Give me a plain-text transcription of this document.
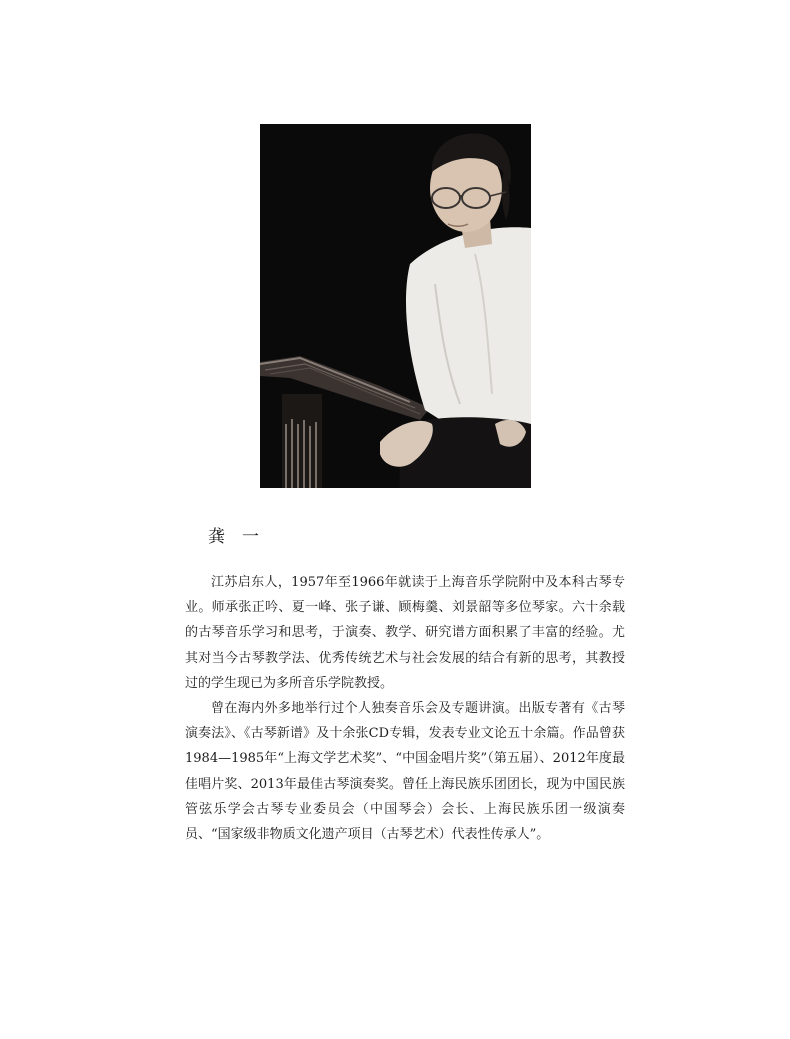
龚　一

江苏启东人，1957年至1966年就读于上海音乐学院附中及本科古琴专业。师承张正吟、夏一峰、张子谦、顾梅羹、刘景韶等多位琴家。六十余载的古琴音乐学习和思考，于演奏、教学、研究谱方面积累了丰富的经验。尤其对当今古琴教学法、优秀传统艺术与社会发展的结合有新的思考，其教授过的学生现已为多所音乐学院教授。

曾在海内外多地举行过个人独奏音乐会及专题讲演。出版专著有《古琴演奏法》、《古琴新谱》及十余张CD专辑，发表专业文论五十余篇。作品曾获1984—1985年“上海文学艺术奖”、“中国金唱片奖”（第五届）、2012年度最佳唱片奖、2013年最佳古琴演奏奖。曾任上海民族乐团团长，现为中国民族管弦乐学会古琴专业委员会（中国琴会）会长、上海民族乐团一级演奏员、“国家级非物质文化遗产项目（古琴艺术）代表性传承人”。
